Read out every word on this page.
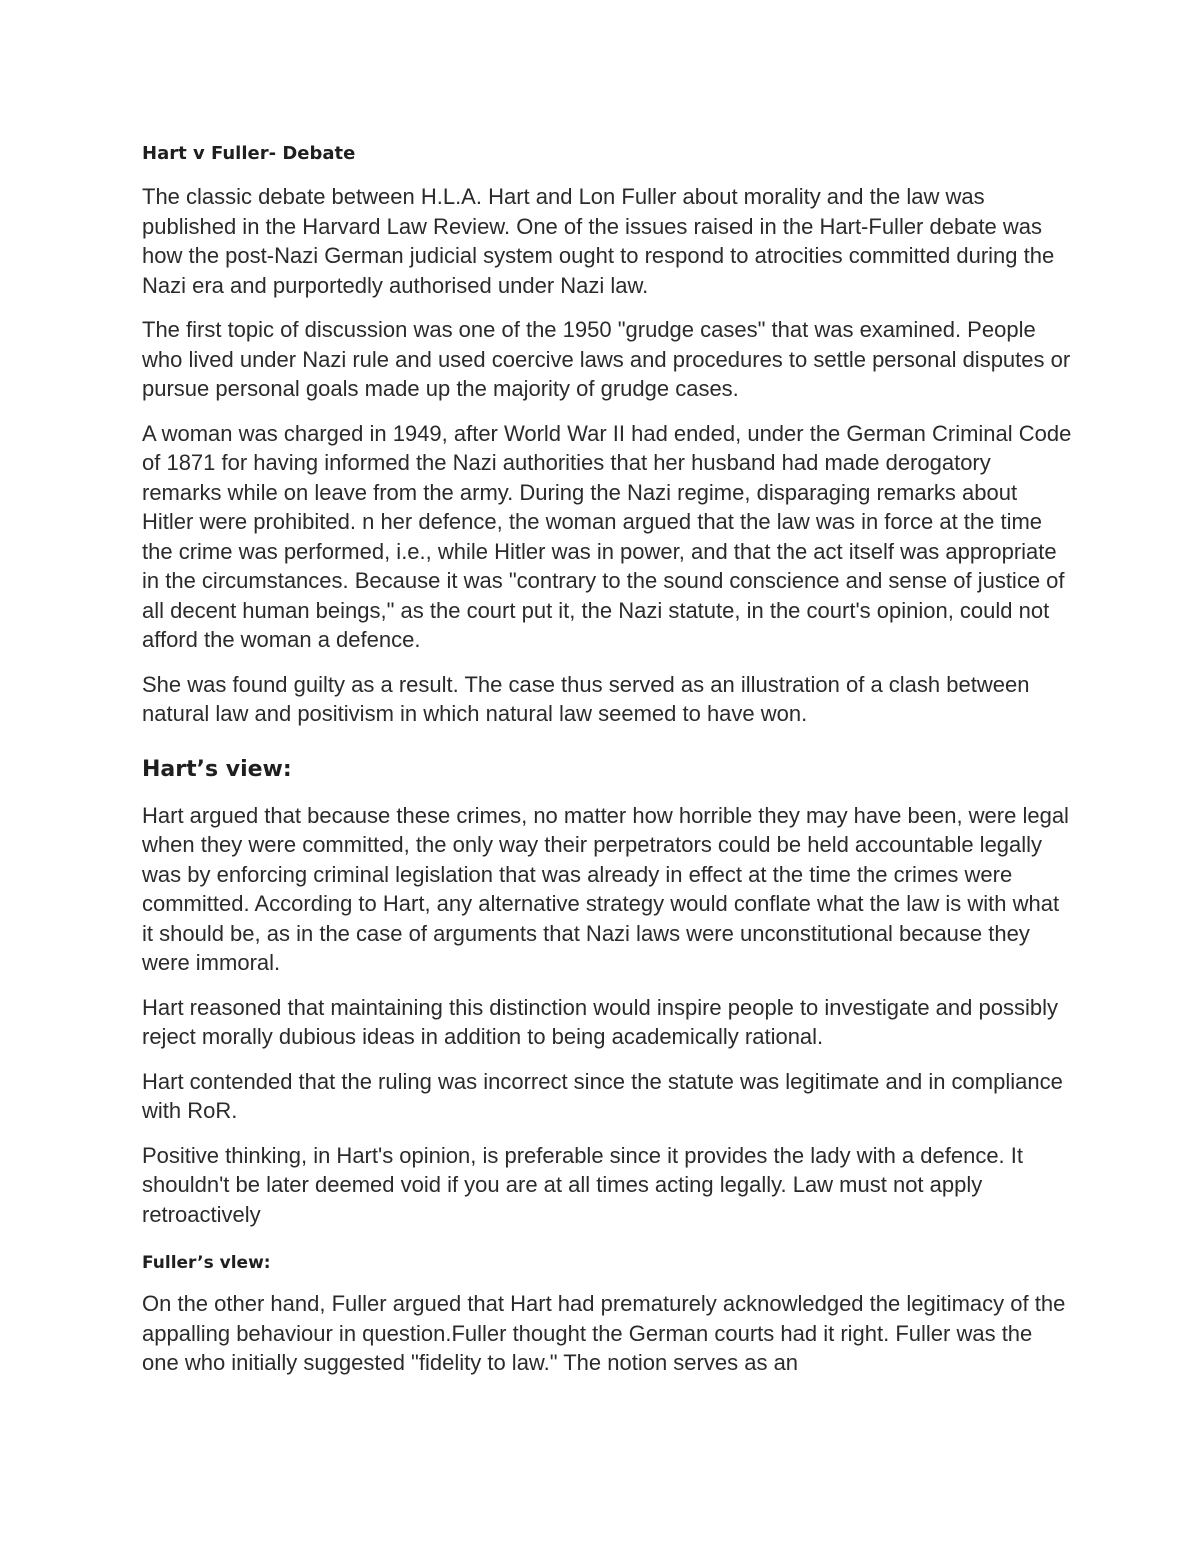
Hart v Fuller- Debate

The classic debate between H.L.A. Hart and Lon Fuller about morality and the law was published in the Harvard Law Review. One of the issues raised in the Hart-Fuller debate was how the post-Nazi German judicial system ought to respond to atrocities committed during the Nazi era and purportedly authorised under Nazi law.

The first topic of discussion was one of the 1950 "grudge cases" that was examined. People who lived under Nazi rule and used coercive laws and procedures to settle personal disputes or pursue personal goals made up the majority of grudge cases.

A woman was charged in 1949, after World War II had ended, under the German Criminal Code of 1871 for having informed the Nazi authorities that her husband had made derogatory remarks while on leave from the army. During the Nazi regime, disparaging remarks about Hitler were prohibited. n her defence, the woman argued that the law was in force at the time the crime was performed, i.e., while Hitler was in power, and that the act itself was appropriate in the circumstances. Because it was "contrary to the sound conscience and sense of justice of all decent human beings," as the court put it, the Nazi statute, in the court's opinion, could not afford the woman a defence.

She was found guilty as a result. The case thus served as an illustration of a clash between natural law and positivism in which natural law seemed to have won.

Hart’s view:

Hart argued that because these crimes, no matter how horrible they may have been, were legal when they were committed, the only way their perpetrators could be held accountable legally was by enforcing criminal legislation that was already in effect at the time the crimes were committed. According to Hart, any alternative strategy would conflate what the law is with what it should be, as in the case of arguments that Nazi laws were unconstitutional because they were immoral.

Hart reasoned that maintaining this distinction would inspire people to investigate and possibly reject morally dubious ideas in addition to being academically rational.

Hart contended that the ruling was incorrect since the statute was legitimate and in compliance with RoR.

Positive thinking, in Hart's opinion, is preferable since it provides the lady with a defence. It shouldn't be later deemed void if you are at all times acting legally. Law must not apply retroactively

Fuller’s vlew:

On the other hand, Fuller argued that Hart had prematurely acknowledged the legitimacy of the appalling behaviour in question.Fuller thought the German courts had it right. Fuller was the one who initially suggested "fidelity to law." The notion serves as an
